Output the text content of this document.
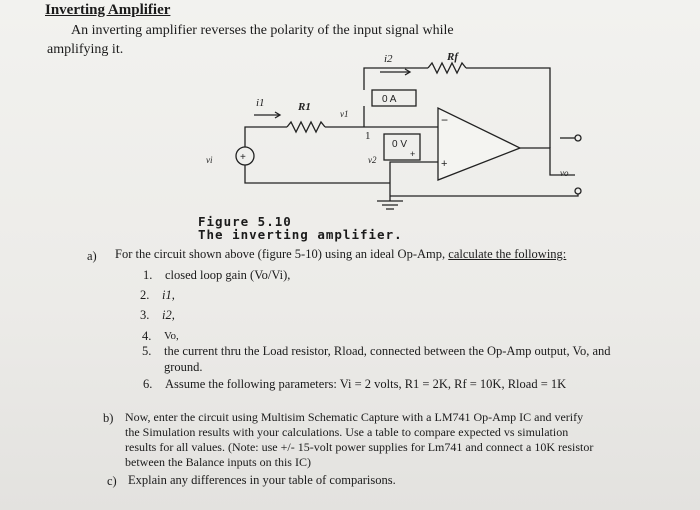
Inverting Amplifier
An inverting amplifier reverses the polarity of the input signal while
amplifying it.
i2	Rf
i1	R1
v1
1
v2
vi
vo
0 A
0 V
+
−
+
+
Figure 5.10
The inverting amplifier.
a) For the circuit shown above (figure 5-10) using an ideal Op-Amp, calculate the following:
1.	closed loop gain (Vo/Vi),
2.	i1,
3.	i2,
4.	Vo,
5.	the current thru the Load resistor, Rload, connected between the Op-Amp output, Vo, and
ground.
6.	Assume the following parameters: Vi = 2 volts, R1 = 2K, Rf = 10K, Rload = 1K
b) Now, enter the circuit using Multisim Schematic Capture with a LM741 Op-Amp IC and verify
the Simulation results with your calculations. Use a table to compare expected vs simulation
results for all values. (Note: use +/- 15-volt power supplies for Lm741 and connect a 10K resistor
between the Balance inputs on this IC)
c) Explain any differences in your table of comparisons.
